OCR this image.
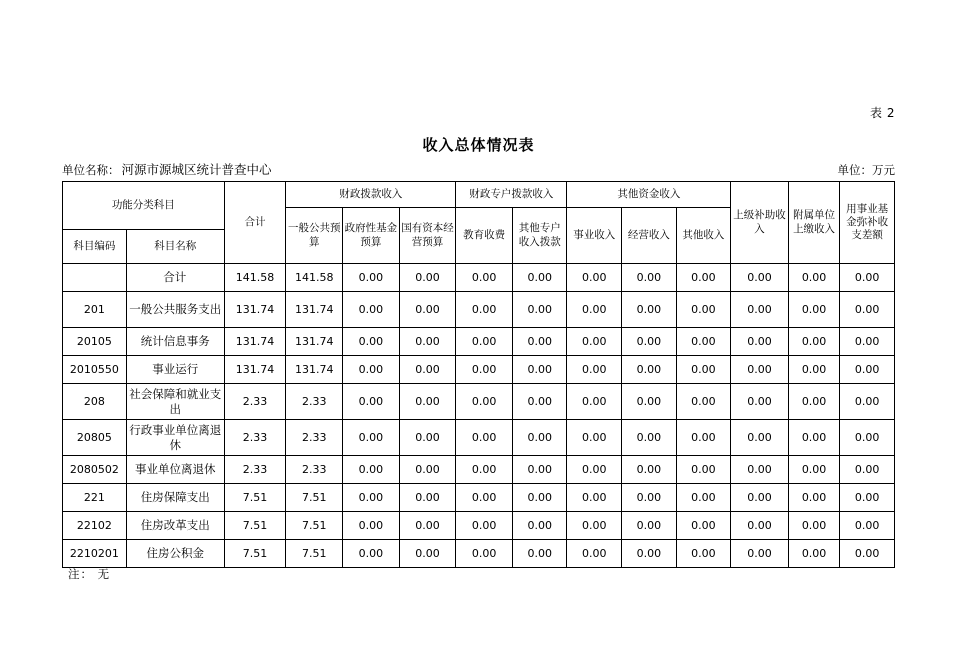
表 2
收入总体情况表
单位名称： 河源市源城区统计普查中心	单位：万元
功能分类科目		合计	财政拨款收入			财政专户拨款收入		其他资金收入			上级补助收入	附属单位上缴收入	用事业基金弥补收支差额
			一般公共预算	政府性基金预算	国有资本经营预算	教育收费	其他专户收入拨款	事业收入	经营收入	其他收入			
科目编码	科目名称												
	合计	141.58	141.58	0.00	0.00	0.00	0.00	0.00	0.00	0.00	0.00	0.00	0.00
201	一般公共服务支出	131.74	131.74	0.00	0.00	0.00	0.00	0.00	0.00	0.00	0.00	0.00	0.00
20105	统计信息事务	131.74	131.74	0.00	0.00	0.00	0.00	0.00	0.00	0.00	0.00	0.00	0.00
2010550	事业运行	131.74	131.74	0.00	0.00	0.00	0.00	0.00	0.00	0.00	0.00	0.00	0.00
208	社会保障和就业支出	2.33	2.33	0.00	0.00	0.00	0.00	0.00	0.00	0.00	0.00	0.00	0.00
20805	行政事业单位离退休	2.33	2.33	0.00	0.00	0.00	0.00	0.00	0.00	0.00	0.00	0.00	0.00
2080502	事业单位离退休	2.33	2.33	0.00	0.00	0.00	0.00	0.00	0.00	0.00	0.00	0.00	0.00
221	住房保障支出	7.51	7.51	0.00	0.00	0.00	0.00	0.00	0.00	0.00	0.00	0.00	0.00
22102	住房改革支出	7.51	7.51	0.00	0.00	0.00	0.00	0.00	0.00	0.00	0.00	0.00	0.00
2210201	住房公积金	7.51	7.51	0.00	0.00	0.00	0.00	0.00	0.00	0.00	0.00	0.00	0.00
注： 无
